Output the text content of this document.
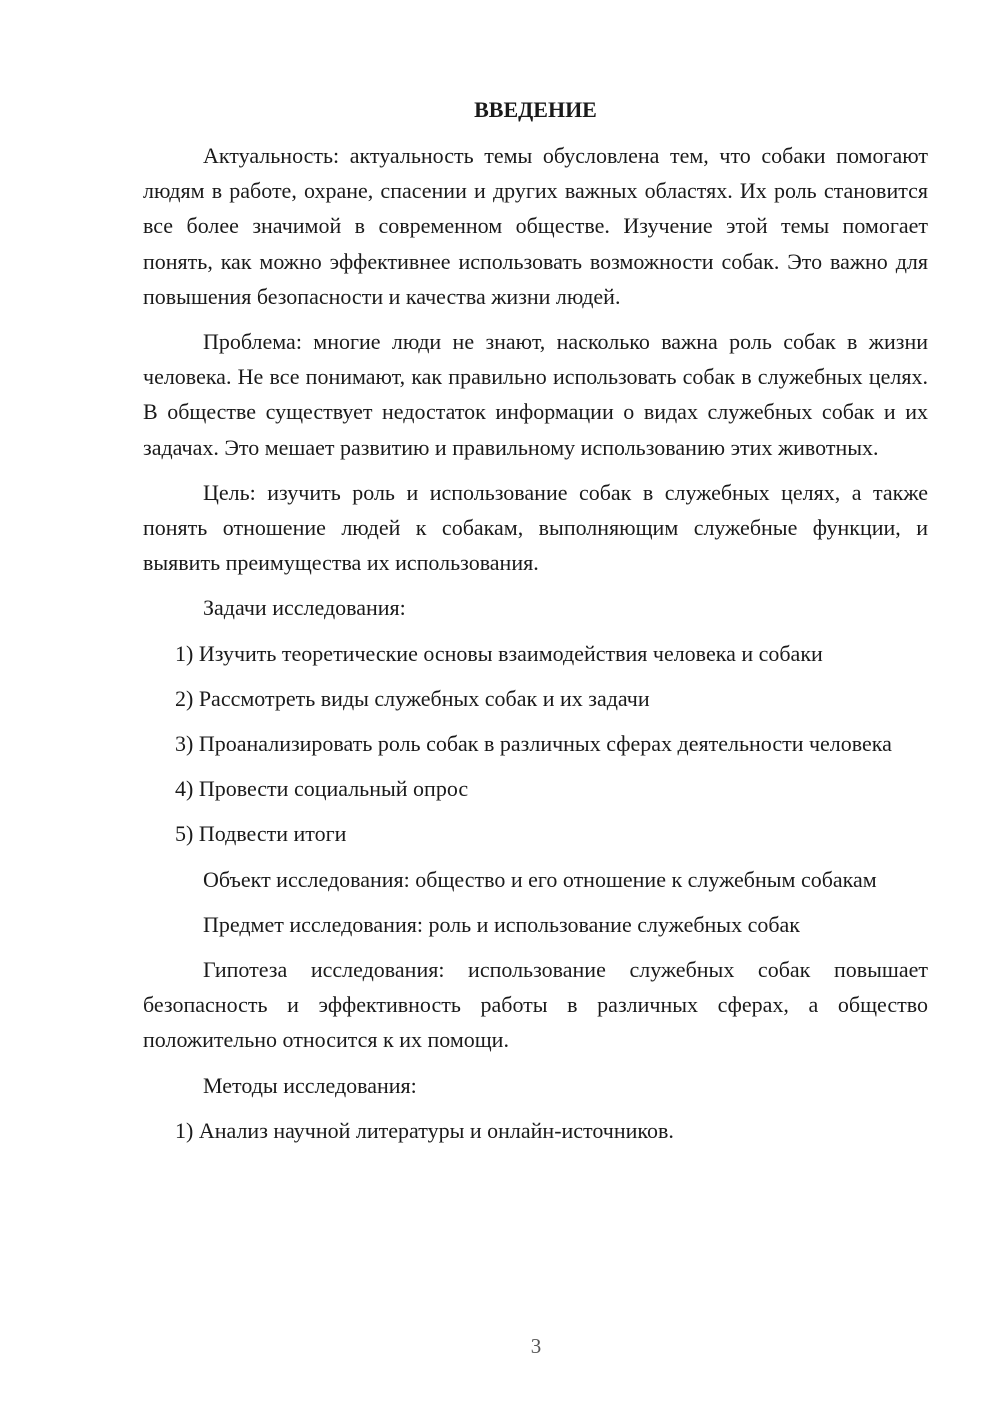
ВВЕДЕНИЕ

Актуальность: актуальность темы обусловлена тем, что собаки помогают людям в работе, охране, спасении и других важных областях. Их роль становится все более значимой в современном обществе. Изучение этой темы помогает понять, как можно эффективнее использовать возможности собак. Это важно для повышения безопасности и качества жизни людей.

Проблема: многие люди не знают, насколько важна роль собак в жизни человека. Не все понимают, как правильно использовать собак в служебных целях. В обществе существует недостаток информации о видах служебных собак и их задачах. Это мешает развитию и правильному использованию этих животных.

Цель: изучить роль и использование собак в служебных целях, а также понять отношение людей к собакам, выполняющим служебные функции, и выявить преимущества их использования.

Задачи исследования:

1) Изучить теоретические основы взаимодействия человека и собаки

2) Рассмотреть виды служебных собак и их задачи

3) Проанализировать роль собак в различных сферах деятельности человека

4) Провести социальный опрос

5) Подвести итоги

Объект исследования: общество и его отношение к служебным собакам

Предмет исследования: роль и использование служебных собак

Гипотеза исследования: использование служебных собак повышает безопасность и эффективность работы в различных сферах, а общество положительно относится к их помощи.

Методы исследования:

1) Анализ научной литературы и онлайн-источников.

3
